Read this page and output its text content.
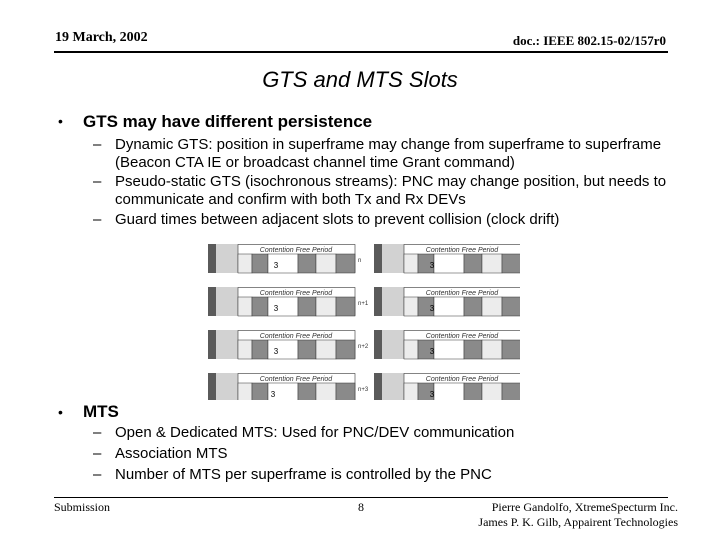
19 March, 2002	doc.: IEEE 802.15-02/157r0
GTS and MTS Slots
• GTS may have different persistence
– Dynamic GTS: position in superframe may change from superframe to superframe (Beacon CTA IE or broadcast channel time Grant command)
– Pseudo-static GTS (isochronous streams): PNC may change position, but needs to communicate and confirm with both Tx and Rx DEVs
– Guard times between adjacent slots to prevent collision (clock drift)
Contention Free Period
3
Contention Free Period
3
n
Contention Free Period
3
Contention Free Period
3
n+1
Contention Free Period
3
Contention Free Period
3
n+2
Contention Free Period
3
Contention Free Period
3
n+3
• MTS
– Open & Dedicated MTS: Used for PNC/DEV communication
– Association MTS
– Number of MTS per superframe is controlled by the PNC
Submission	8	Pierre Gandolfo, XtremeSpecturm Inc.
James P. K. Gilb, Appairent Technologies
